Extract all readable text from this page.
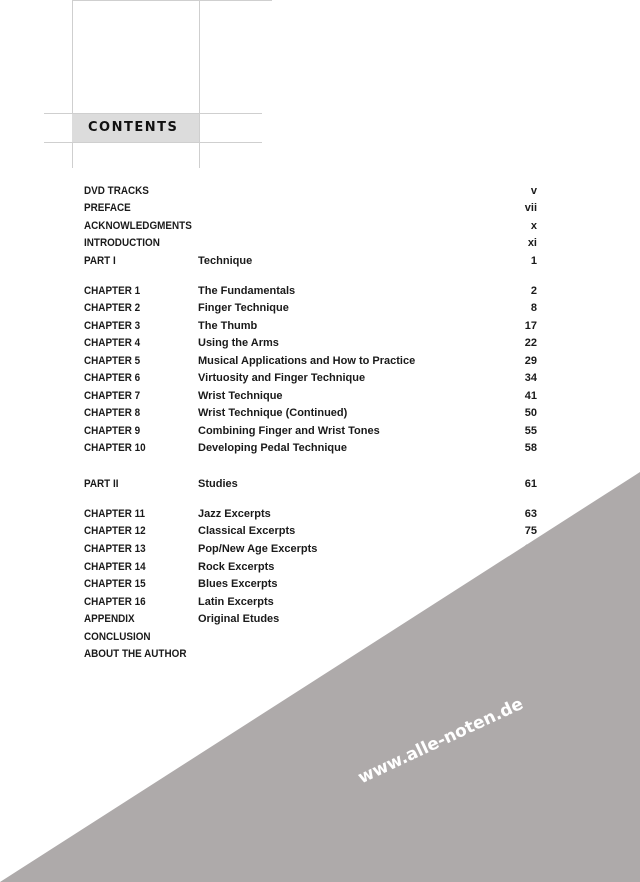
CONTENTS
DVD TRACKS	v
PREFACE	vii
ACKNOWLEDGMENTS	x
INTRODUCTION	xi
PART I	Technique	1
CHAPTER 1	The Fundamentals	2
CHAPTER 2	Finger Technique	8
CHAPTER 3	The Thumb	17
CHAPTER 4	Using the Arms	22
CHAPTER 5	Musical Applications and How to Practice	29
CHAPTER 6	Virtuosity and Finger Technique	34
CHAPTER 7	Wrist Technique	41
CHAPTER 8	Wrist Technique (Continued)	50
CHAPTER 9	Combining Finger and Wrist Tones	55
CHAPTER 10	Developing Pedal Technique	58
PART II	Studies	61
CHAPTER 11	Jazz Excerpts	63
CHAPTER 12	Classical Excerpts	75
CHAPTER 13	Pop/New Age Excerpts
CHAPTER 14	Rock Excerpts
CHAPTER 15	Blues Excerpts
CHAPTER 16	Latin Excerpts
APPENDIX	Original Etudes
CONCLUSION
ABOUT THE AUTHOR
www.alle-noten.de
